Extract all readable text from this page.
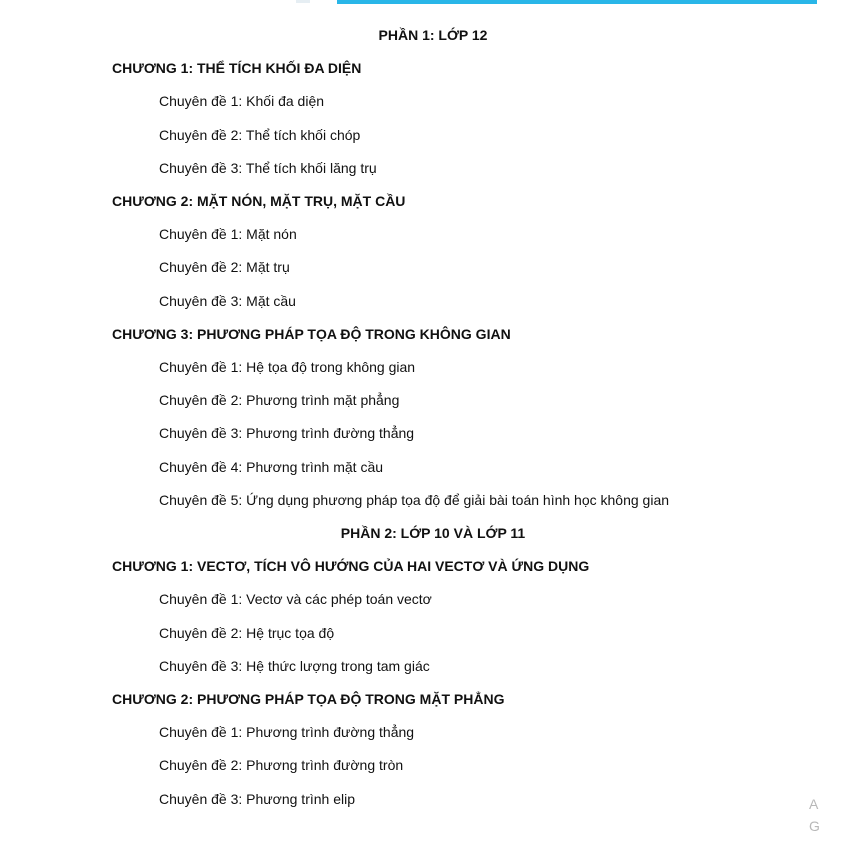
PHẦN 1: LỚP 12
CHƯƠNG 1: THỂ TÍCH KHỐI ĐA DIỆN
Chuyên đề 1: Khối đa diện
Chuyên đề 2: Thể tích khối chóp
Chuyên đề 3: Thể tích khối lăng trụ
CHƯƠNG 2: MẶT NÓN, MẶT TRỤ, MẶT CẦU
Chuyên đề 1: Mặt nón
Chuyên đề 2: Mặt trụ
Chuyên đề 3: Mặt cầu
CHƯƠNG 3: PHƯƠNG PHÁP TỌA ĐỘ TRONG KHÔNG GIAN
Chuyên đề 1: Hệ tọa độ trong không gian
Chuyên đề 2: Phương trình mặt phẳng
Chuyên đề 3: Phương trình đường thẳng
Chuyên đề 4: Phương trình mặt cầu
Chuyên đề 5: Ứng dụng phương pháp tọa độ để giải bài toán hình học không gian
PHẦN 2: LỚP 10 VÀ LỚP 11
CHƯƠNG 1: VECTƠ, TÍCH VÔ HƯỚNG CỦA HAI VECTƠ VÀ ỨNG DỤNG
Chuyên đề 1: Vectơ và các phép toán vectơ
Chuyên đề 2: Hệ trục tọa độ
Chuyên đề 3: Hệ thức lượng trong tam giác
CHƯƠNG 2: PHƯƠNG PHÁP TỌA ĐỘ TRONG MẶT PHẲNG
Chuyên đề 1: Phương trình đường thẳng
Chuyên đề 2: Phương trình đường tròn
Chuyên đề 3: Phương trình elip	A
G
